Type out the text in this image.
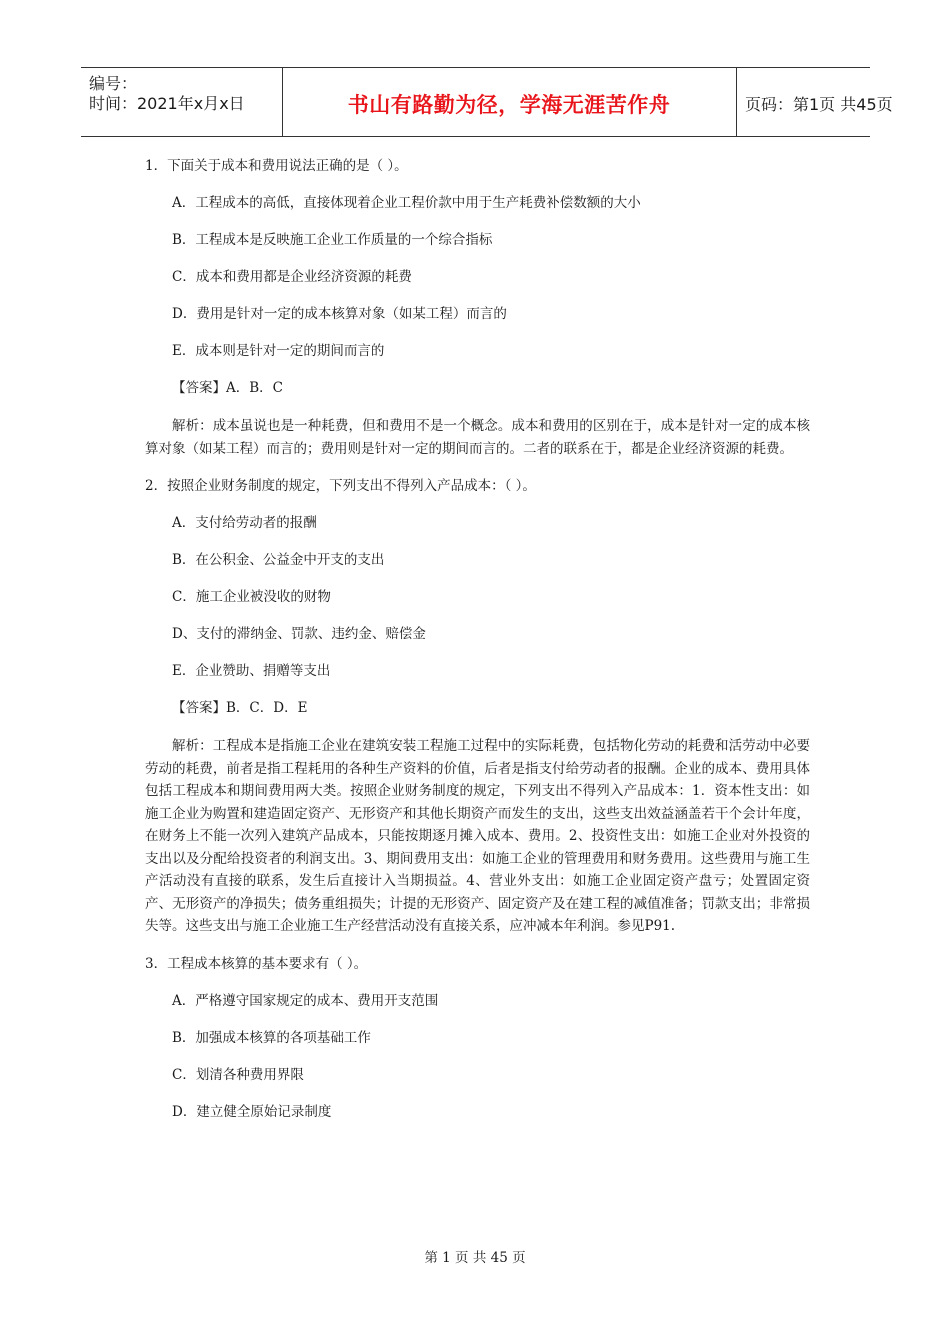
编号：
时间：2021年x月x日	书山有路勤为径，学海无涯苦作舟	页码：第1页 共45页
1．下面关于成本和费用说法正确的是（ ）。
A．工程成本的高低，直接体现着企业工程价款中用于生产耗费补偿数额的大小
B．工程成本是反映施工企业工作质量的一个综合指标
C．成本和费用都是企业经济资源的耗费
D．费用是针对一定的成本核算对象（如某工程）而言的
E．成本则是针对一定的期间而言的
【答案】A．B．C
解析：成本虽说也是一种耗费，但和费用不是一个概念。成本和费用的区别在于，成本是针对一定的成本核算对象（如某工程）而言的；费用则是针对一定的期间而言的。二者的联系在于，都是企业经济资源的耗费。
2．按照企业财务制度的规定，下列支出不得列入产品成本：（ ）。
A．支付给劳动者的报酬
B．在公积金、公益金中开支的支出
C．施工企业被没收的财物
D、支付的滞纳金、罚款、违约金、赔偿金
E．企业赞助、捐赠等支出
【答案】B．C．D．E
解析：工程成本是指施工企业在建筑安装工程施工过程中的实际耗费，包括物化劳动的耗费和活劳动中必要劳动的耗费，前者是指工程耗用的各种生产资料的价值，后者是指支付给劳动者的报酬。企业的成本、费用具体包括工程成本和期间费用两大类。按照企业财务制度的规定，下列支出不得列入产品成本：1．资本性支出：如施工企业为购置和建造固定资产、无形资产和其他长期资产而发生的支出，这些支出效益涵盖若干个会计年度，在财务上不能一次列入建筑产品成本，只能按期逐月摊入成本、费用。2、投资性支出：如施工企业对外投资的支出以及分配给投资者的利润支出。3、期间费用支出：如施工企业的管理费用和财务费用。这些费用与施工生产活动没有直接的联系，发生后直接计入当期损益。4、营业外支出：如施工企业固定资产盘亏；处置固定资产、无形资产的净损失；债务重组损失；计提的无形资产、固定资产及在建工程的减值准备；罚款支出；非常损失等。这些支出与施工企业施工生产经营活动没有直接关系，应冲减本年利润。参见P91.
3．工程成本核算的基本要求有（ ）。
A．严格遵守国家规定的成本、费用开支范围
B．加强成本核算的各项基础工作
C．划清各种费用界限
D．建立健全原始记录制度
第 1 页 共 45 页
